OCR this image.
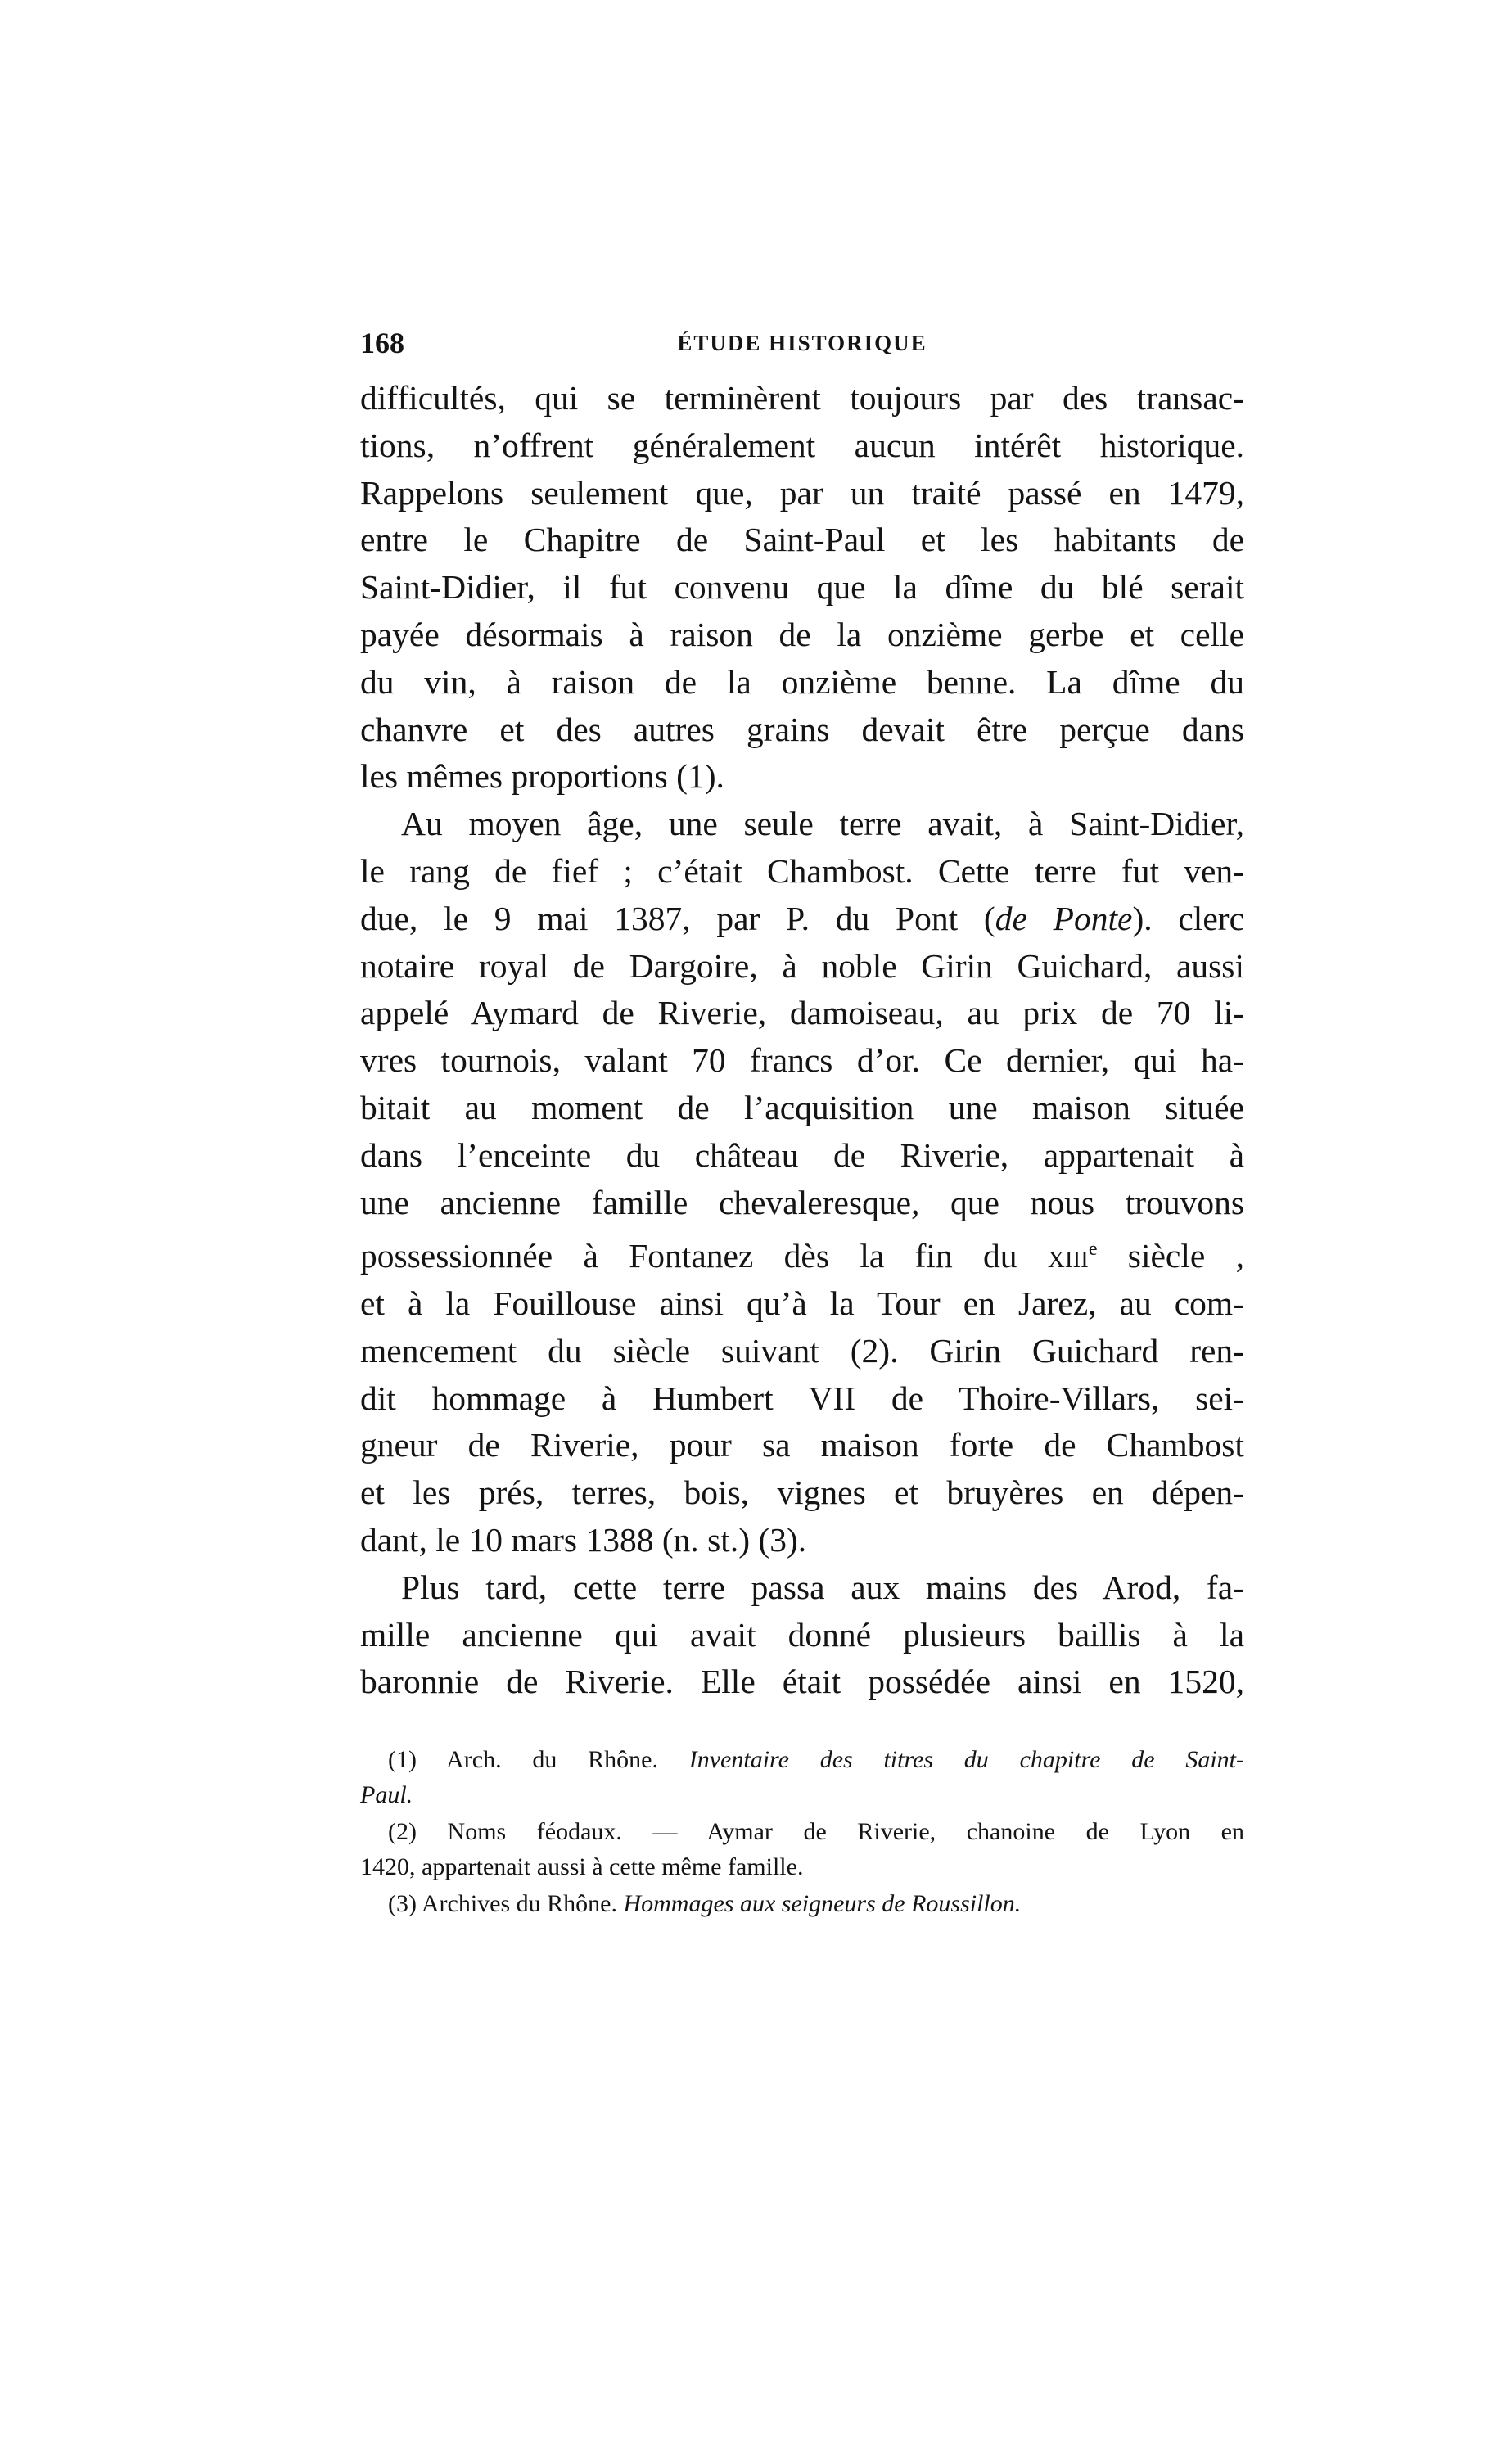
168	ÉTUDE HISTORIQUE

difficultés, qui se terminèrent toujours par des transac-
tions, n’offrent généralement aucun intérêt historique.
Rappelons seulement que, par un traité passé en 1479,
entre le Chapitre de Saint-Paul et les habitants de
Saint-Didier, il fut convenu que la dîme du blé serait
payée désormais à raison de la onzième gerbe et celle
du vin, à raison de la onzième benne. La dîme du
chanvre et des autres grains devait être perçue dans
les mêmes proportions (1).

Au moyen âge, une seule terre avait, à Saint-Didier,
le rang de fief ; c’était Chambost. Cette terre fut ven-
due, le 9 mai 1387, par P. du Pont (de Ponte). clerc
notaire royal de Dargoire, à noble Girin Guichard, aussi
appelé Aymard de Riverie, damoiseau, au prix de 70 li-
vres tournois, valant 70 francs d’or. Ce dernier, qui ha-
bitait au moment de l’acquisition une maison située
dans l’enceinte du château de Riverie, appartenait à
une ancienne famille chevaleresque, que nous trouvons
possessionnée à Fontanez dès la fin du xiii$^e$ siècle ,
et à la Fouillouse ainsi qu’à la Tour en Jarez, au com-
mencement du siècle suivant (2). Girin Guichard ren-
dit hommage à Humbert VII de Thoire-Villars, sei-
gneur de Riverie, pour sa maison forte de Chambost
et les prés, terres, bois, vignes et bruyères en dépen-
dant, le 10 mars 1388 (n. st.) (3).

Plus tard, cette terre passa aux mains des Arod, fa-
mille ancienne qui avait donné plusieurs baillis à la
baronnie de Riverie. Elle était possédée ainsi en 1520,

(1) Arch. du Rhône. Inventaire des titres du chapitre de Saint-
Paul.

(2) Noms féodaux. — Aymar de Riverie, chanoine de Lyon en
1420, appartenait aussi à cette même famille.

(3) Archives du Rhône. Hommages aux seigneurs de Roussillon.
